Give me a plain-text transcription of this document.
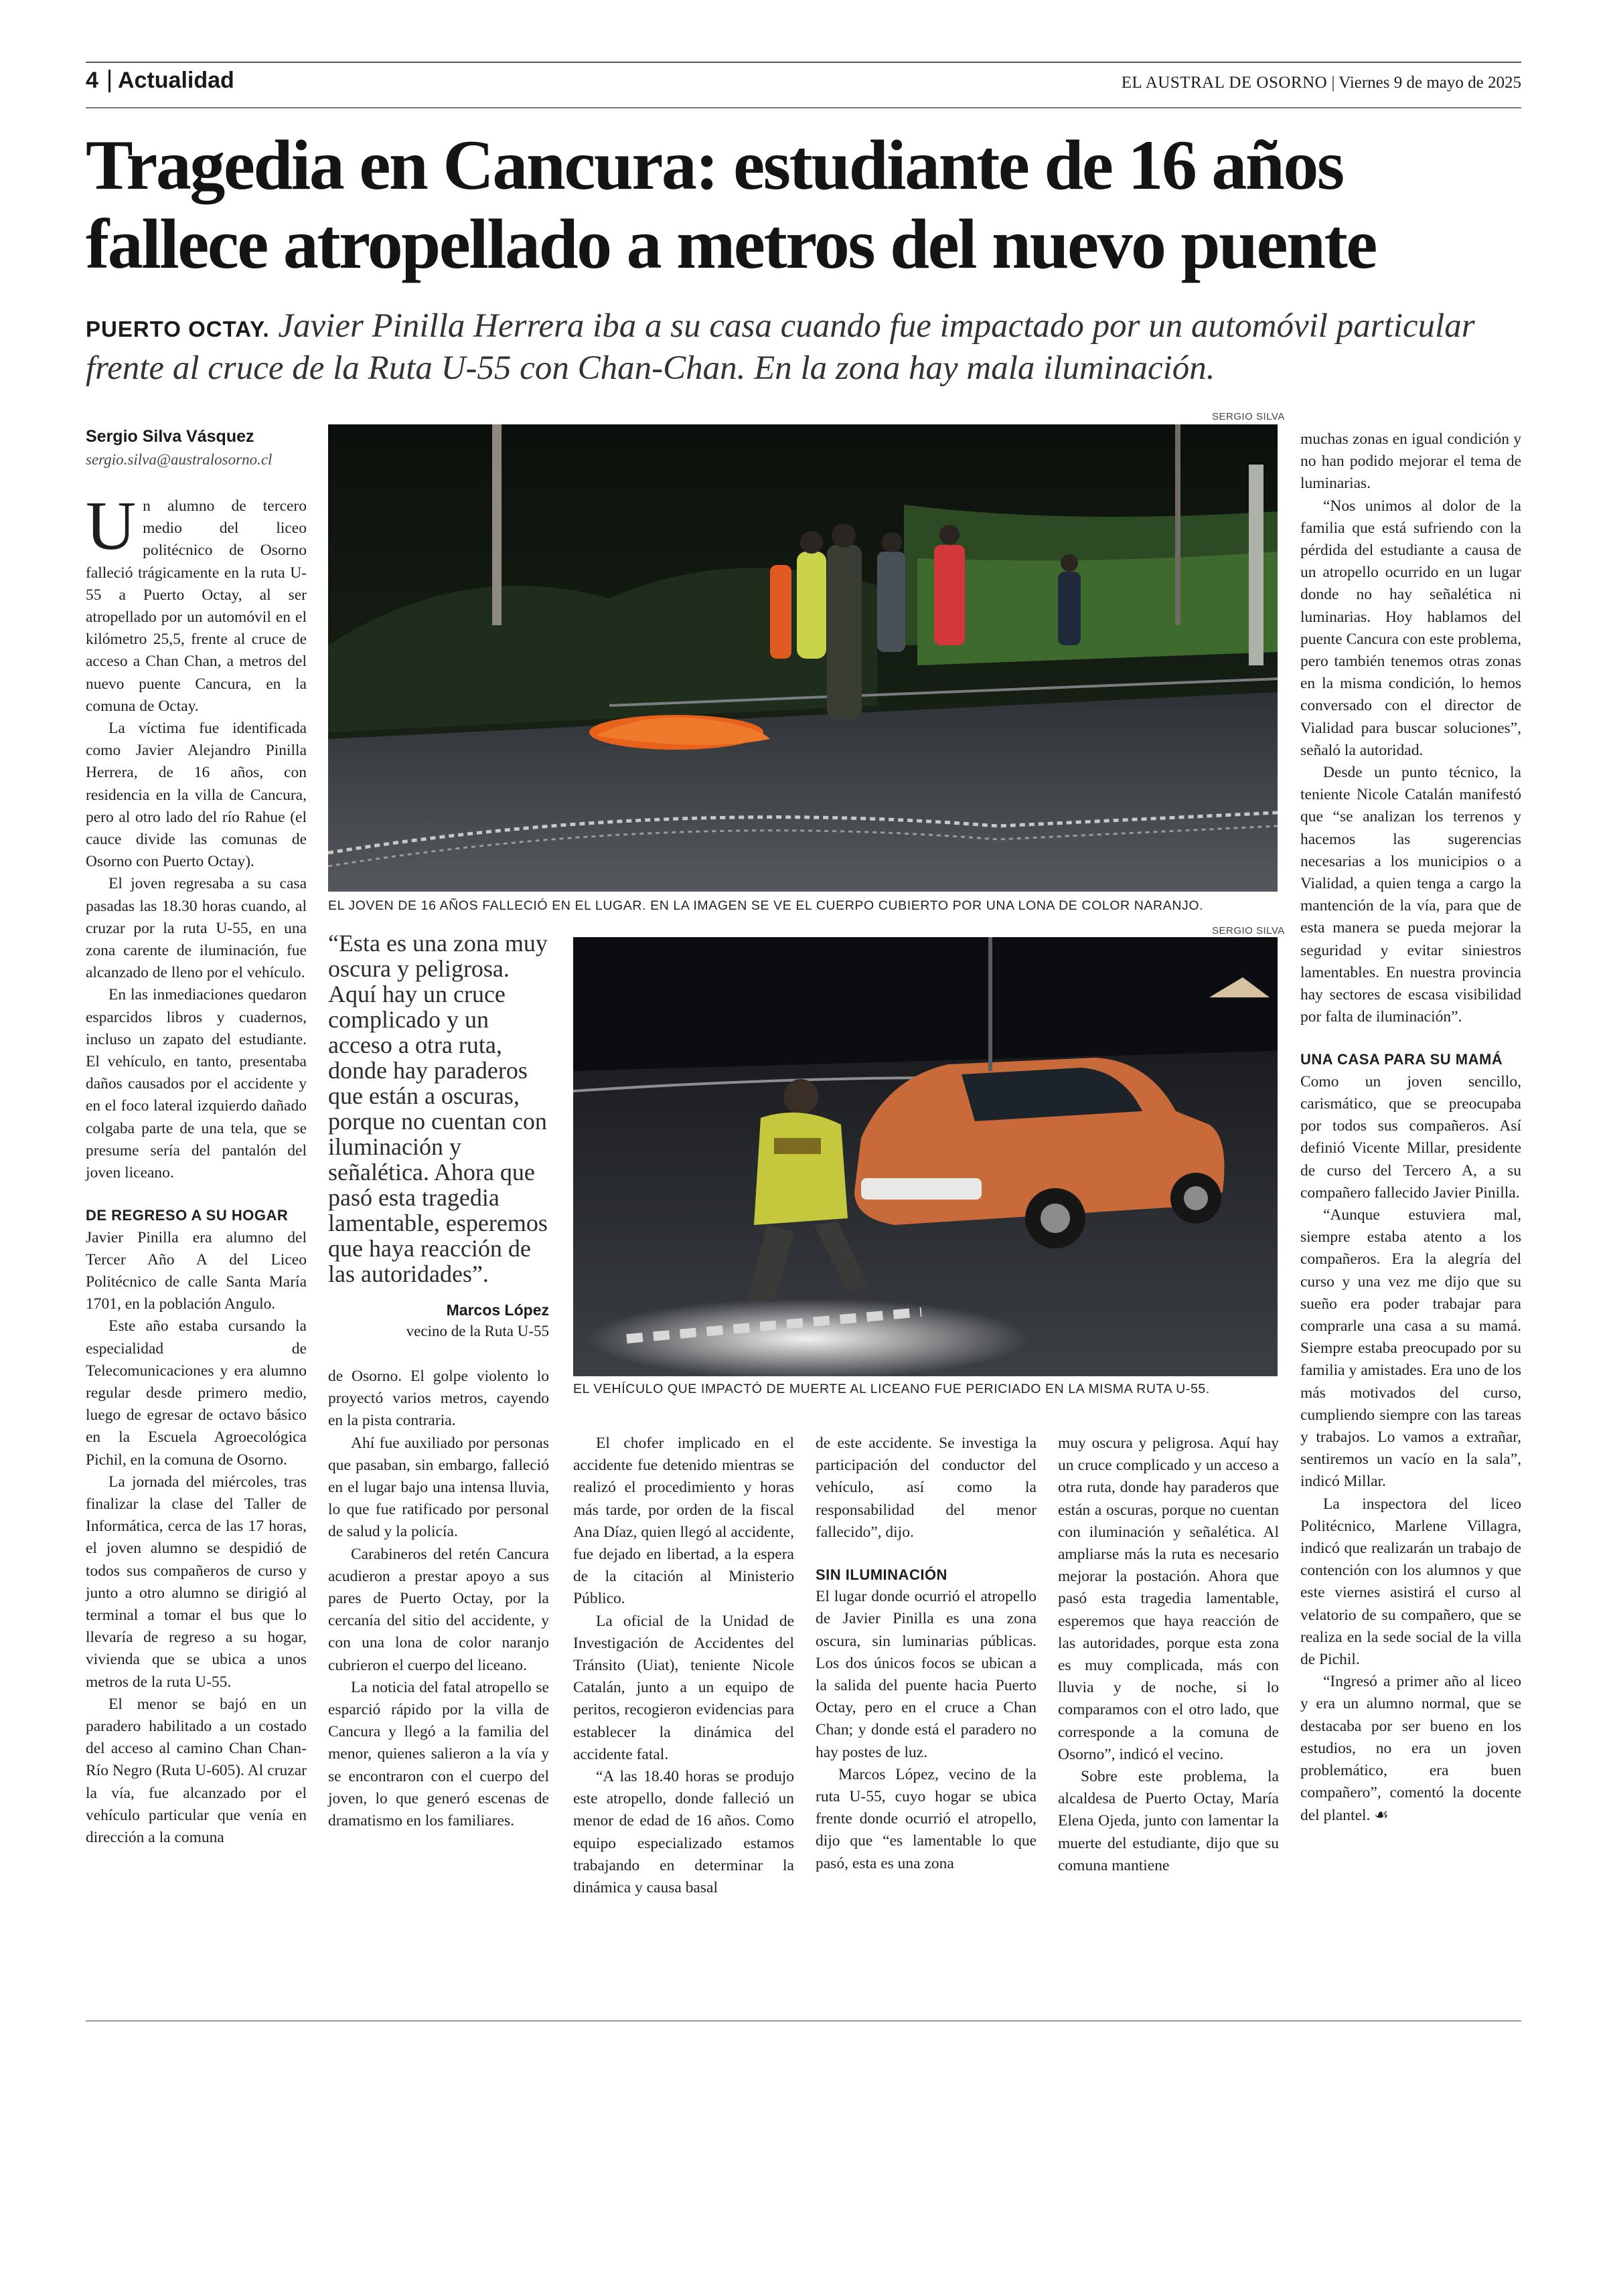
4 Actualidad	EL AUSTRAL DE OSORNO | Viernes 9 de mayo de 2025
Tragedia en Cancura: estudiante de 16 años fallece atropellado a metros del nuevo puente
PUERTO OCTAY. Javier Pinilla Herrera iba a su casa cuando fue impactado por un automóvil particular frente al cruce de la Ruta U-55 con Chan-Chan. En la zona hay mala iluminación.
Sergio Silva Vásquez
sergio.silva@australosorno.cl

Un alumno de tercero medio del liceo politécnico de Osorno falleció trágicamente en la ruta U-55 a Puerto Octay, al ser atropellado por un automóvil en el kilómetro 25,5, frente al cruce de acceso a Chan Chan, a metros del nuevo puente Cancura, en la comuna de Octay.

La víctima fue identificada como Javier Alejandro Pinilla Herrera, de 16 años, con residencia en la villa de Cancura, pero al otro lado del río Rahue (el cauce divide las comunas de Osorno con Puerto Octay).

El joven regresaba a su casa pasadas las 18.30 horas cuando, al cruzar por la ruta U-55, en una zona carente de iluminación, fue alcanzado de lleno por el vehículo.

En las inmediaciones quedaron esparcidos libros y cuadernos, incluso un zapato del estudiante. El vehículo, en tanto, presentaba daños causados por el accidente y en el foco lateral izquierdo dañado colgaba parte de una tela, que se presume sería del pantalón del joven liceano.

DE REGRESO A SU HOGAR

Javier Pinilla era alumno del Tercer Año A del Liceo Politécnico de calle Santa María 1701, en la población Angulo.

Este año estaba cursando la especialidad de Telecomunicaciones y era alumno regular desde primero medio, luego de egresar de octavo básico en la Escuela Agroecológica Pichil, en la comuna de Osorno.

La jornada del miércoles, tras finalizar la clase del Taller de Informática, cerca de las 17 horas, el joven alumno se despidió de todos sus compañeros de curso y junto a otro alumno se dirigió al terminal a tomar el bus que lo llevaría de regreso a su hogar, vivienda que se ubica a unos metros de la ruta U-55.

El menor se bajó en un paradero habilitado a un costado del acceso al camino Chan Chan-Río Negro (Ruta U-605). Al cruzar la vía, fue alcanzado por el vehículo particular que venía en dirección a la comuna

SERGIO SILVA
EL JOVEN DE 16 AÑOS FALLECIÓ EN EL LUGAR. EN LA IMAGEN SE VE EL CUERPO CUBIERTO POR UNA LONA DE COLOR NARANJO.
“Esta es una zona muy oscura y peligrosa. Aquí hay un cruce complicado y un acceso a otra ruta, donde hay paraderos que están a oscuras, porque no cuentan con iluminación y señalética. Ahora que pasó esta tragedia lamentable, esperemos que haya reacción de las autoridades”.
Marcos López
vecino de la Ruta U-55
SERGIO SILVA
EL VEHÍCULO QUE IMPACTÓ DE MUERTE AL LICEANO FUE PERICIADO EN LA MISMA RUTA U-55.

de Osorno. El golpe violento lo proyectó varios metros, cayendo en la pista contraria.

Ahí fue auxiliado por personas que pasaban, sin embargo, falleció en el lugar bajo una intensa lluvia, lo que fue ratificado por personal de salud y la policía.

Carabineros del retén Cancura acudieron a prestar apoyo a sus pares de Puerto Octay, por la cercanía del sitio del accidente, y con una lona de color naranjo cubrieron el cuerpo del liceano.

La noticia del fatal atropello se esparció rápido por la villa de Cancura y llegó a la familia del menor, quienes salieron a la vía y se encontraron con el cuerpo del joven, lo que generó escenas de dramatismo en los familiares.

El chofer implicado en el accidente fue detenido mientras se realizó el procedimiento y horas más tarde, por orden de la fiscal Ana Díaz, quien llegó al accidente, fue dejado en libertad, a la espera de la citación al Ministerio Público.

La oficial de la Unidad de Investigación de Accidentes del Tránsito (Uiat), teniente Nicole Catalán, junto a un equipo de peritos, recogieron evidencias para establecer la dinámica del accidente fatal.

“A las 18.40 horas se produjo este atropello, donde falleció un menor de edad de 16 años. Como equipo especializado estamos trabajando en determinar la dinámica y causa basal

de este accidente. Se investiga la participación del conductor del vehículo, así como la responsabilidad del menor fallecido”, dijo.

SIN ILUMINACIÓN

El lugar donde ocurrió el atropello de Javier Pinilla es una zona oscura, sin luminarias públicas. Los dos únicos focos se ubican a la salida del puente hacia Puerto Octay, pero en el cruce a Chan Chan; y donde está el paradero no hay postes de luz.

Marcos López, vecino de la ruta U-55, cuyo hogar se ubica frente donde ocurrió el atropello, dijo que “es lamentable lo que pasó, esta es una zona

muy oscura y peligrosa. Aquí hay un cruce complicado y un acceso a otra ruta, donde hay paraderos que están a oscuras, porque no cuentan con iluminación y señalética. Al ampliarse más la ruta es necesario mejorar la postación. Ahora que pasó esta tragedia lamentable, esperemos que haya reacción de las autoridades, porque esta zona es muy complicada, más con lluvia y de noche, si lo comparamos con el otro lado, que corresponde a la comuna de Osorno”, indicó el vecino.

Sobre este problema, la alcaldesa de Puerto Octay, María Elena Ojeda, junto con lamentar la muerte del estudiante, dijo que su comuna mantiene

muchas zonas en igual condición y no han podido mejorar el tema de luminarias.

“Nos unimos al dolor de la familia que está sufriendo con la pérdida del estudiante a causa de un atropello ocurrido en un lugar donde no hay señalética ni luminarias. Hoy hablamos del puente Cancura con este problema, pero también tenemos otras zonas en la misma condición, lo hemos conversado con el director de Vialidad para buscar soluciones”, señaló la autoridad.

Desde un punto técnico, la teniente Nicole Catalán manifestó que “se analizan los terrenos y hacemos las sugerencias necesarias a los municipios o a Vialidad, a quien tenga a cargo la mantención de la vía, para que de esta manera se pueda mejorar la seguridad y evitar siniestros lamentables. En nuestra provincia hay sectores de escasa visibilidad por falta de iluminación”.

UNA CASA PARA SU MAMÁ

Como un joven sencillo, carismático, que se preocupaba por todos sus compañeros. Así definió Vicente Millar, presidente de curso del Tercero A, a su compañero fallecido Javier Pinilla.

“Aunque estuviera mal, siempre estaba atento a los compañeros. Era la alegría del curso y una vez me dijo que su sueño era poder trabajar para comprarle una casa a su mamá. Siempre estaba preocupado por su familia y amistades. Era uno de los más motivados del curso, cumpliendo siempre con las tareas y trabajos. Lo vamos a extrañar, sentiremos un vacío en la sala”, indicó Millar.

La inspectora del liceo Politécnico, Marlene Villagra, indicó que realizarán un trabajo de contención con los alumnos y que este viernes asistirá el curso al velatorio de su compañero, que se realiza en la sede social de la villa de Pichil.

“Ingresó a primer año al liceo y era un alumno normal, que se destacaba por ser bueno en los estudios, no era un joven problemático, era buen compañero”, comentó la docente del plantel. ☙
